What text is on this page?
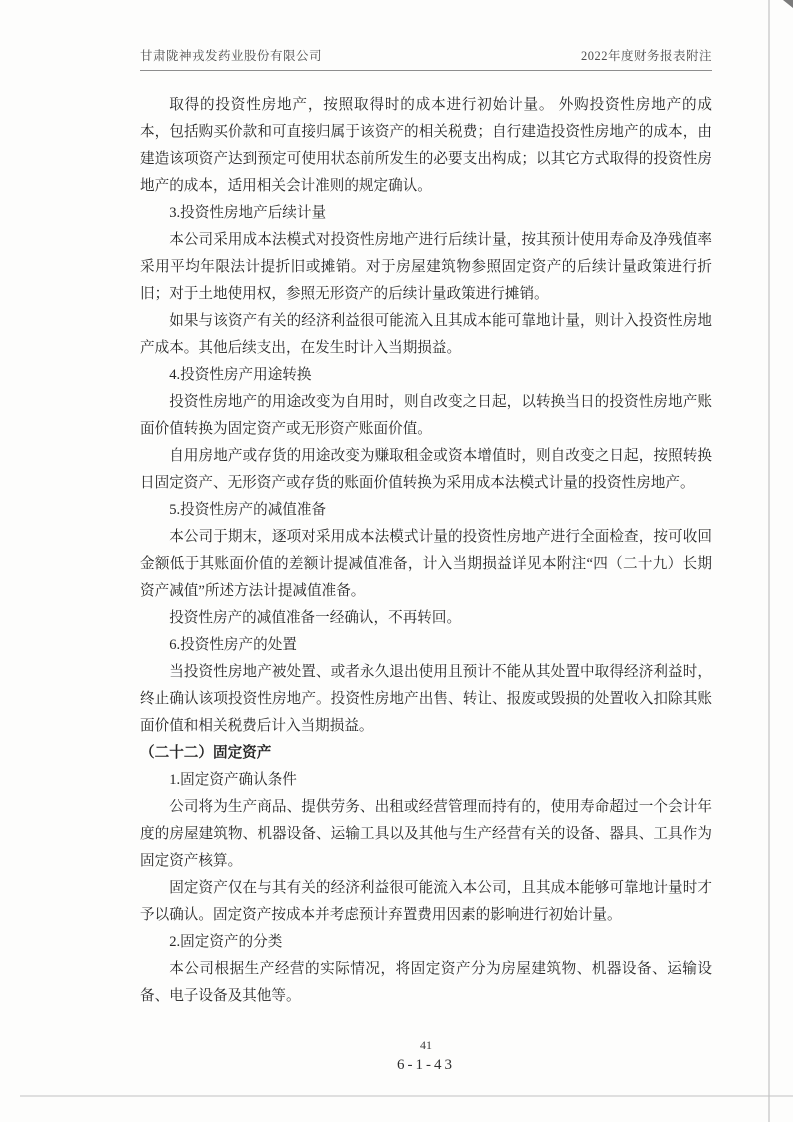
甘肃陇神戎发药业股份有限公司	2022年度财务报表附注

取得的投资性房地产，按照取得时的成本进行初始计量。 外购投资性房地产的成本，包括购买价款和可直接归属于该资产的相关税费；自行建造投资性房地产的成本，由建造该项资产达到预定可使用状态前所发生的必要支出构成；以其它方式取得的投资性房地产的成本，适用相关会计准则的规定确认。

3.投资性房地产后续计量

本公司采用成本法模式对投资性房地产进行后续计量，按其预计使用寿命及净残值率采用平均年限法计提折旧或摊销。对于房屋建筑物参照固定资产的后续计量政策进行折旧；对于土地使用权，参照无形资产的后续计量政策进行摊销。

如果与该资产有关的经济利益很可能流入且其成本能可靠地计量，则计入投资性房地产成本。其他后续支出，在发生时计入当期损益。

4.投资性房产用途转换

投资性房地产的用途改变为自用时，则自改变之日起，以转换当日的投资性房地产账面价值转换为固定资产或无形资产账面价值。

自用房地产或存货的用途改变为赚取租金或资本增值时，则自改变之日起，按照转换日固定资产、无形资产或存货的账面价值转换为采用成本法模式计量的投资性房地产。

5.投资性房产的减值准备

本公司于期末，逐项对采用成本法模式计量的投资性房地产进行全面检查，按可收回金额低于其账面价值的差额计提减值准备，计入当期损益详见本附注“四（二十九）长期资产减值”所述方法计提减值准备。

投资性房产的减值准备一经确认，不再转回。

6.投资性房产的处置

当投资性房地产被处置、或者永久退出使用且预计不能从其处置中取得经济利益时，终止确认该项投资性房地产。投资性房地产出售、转让、报废或毁损的处置收入扣除其账面价值和相关税费后计入当期损益。

（二十二）固定资产

1.固定资产确认条件

公司将为生产商品、提供劳务、出租或经营管理而持有的，使用寿命超过一个会计年度的房屋建筑物、机器设备、运输工具以及其他与生产经营有关的设备、器具、工具作为固定资产核算。

固定资产仅在与其有关的经济利益很可能流入本公司，且其成本能够可靠地计量时才予以确认。固定资产按成本并考虑预计弃置费用因素的影响进行初始计量。

2.固定资产的分类

本公司根据生产经营的实际情况，将固定资产分为房屋建筑物、机器设备、运输设备、电子设备及其他等。

41
6-1-43
